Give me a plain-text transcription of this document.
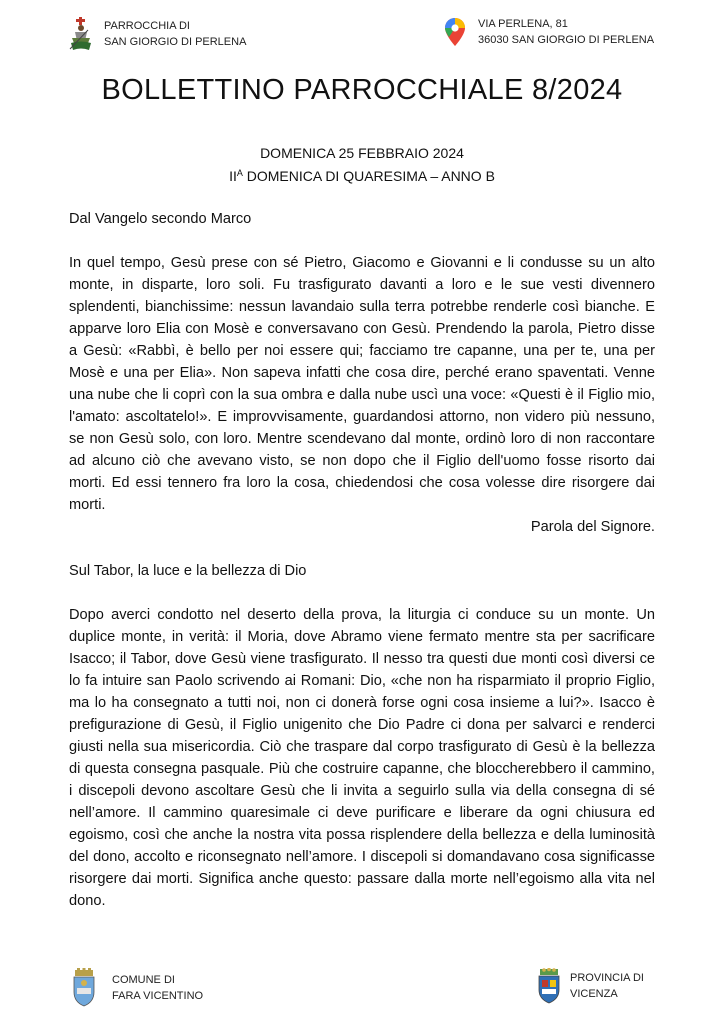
PARROCCHIA DI
SAN GIORGIO DI PERLENA
VIA PERLENA, 81
36030 SAN GIORGIO DI PERLENA
BOLLETTINO PARROCCHIALE 8/2024
DOMENICA 25 FEBBRAIO 2024
$II^A$ DOMENICA DI QUARESIMA – ANNO B

Dal Vangelo secondo Marco

In quel tempo, Gesù prese con sé Pietro, Giacomo e Giovanni e li condusse su un alto monte, in disparte, loro soli. Fu trasfigurato davanti a loro e le sue vesti divennero splendenti, bianchissime: nessun lavandaio sulla terra potrebbe renderle così bianche. E apparve loro Elia con Mosè e conversavano con Gesù. Prendendo la parola, Pietro disse a Gesù: «Rabbì, è bello per noi essere qui; facciamo tre capanne, una per te, una per Mosè e una per Elia». Non sapeva infatti che cosa dire, perché erano spaventati. Venne una nube che li coprì con la sua ombra e dalla nube uscì una voce: «Questi è il Figlio mio, l'amato: ascoltatelo!». E improvvisamente, guardandosi attorno, non videro più nessuno, se non Gesù solo, con loro. Mentre scendevano dal monte, ordinò loro di non raccontare ad alcuno ciò che avevano visto, se non dopo che il Figlio dell'uomo fosse risorto dai morti. Ed essi tennero fra loro la cosa, chiedendosi che cosa volesse dire risorgere dai morti.

Parola del Signore.

Sul Tabor, la luce e la bellezza di Dio

Dopo averci condotto nel deserto della prova, la liturgia ci conduce su un monte. Un duplice monte, in verità: il Moria, dove Abramo viene fermato mentre sta per sacrificare Isacco; il Tabor, dove Gesù viene trasfigurato. Il nesso tra questi due monti così diversi ce lo fa intuire san Paolo scrivendo ai Romani: Dio, «che non ha risparmiato il proprio Figlio, ma lo ha consegnato a tutti noi, non ci donerà forse ogni cosa insieme a lui?». Isacco è prefigurazione di Gesù, il Figlio unigenito che Dio Padre ci dona per salvarci e renderci giusti nella sua misericordia. Ciò che traspare dal corpo trasfigurato di Gesù è la bellezza di questa consegna pasquale. Più che costruire capanne, che bloccherebbero il cammino, i discepoli devono ascoltare Gesù che li invita a seguirlo sulla via della consegna di sé nell’amore. Il cammino quaresimale ci deve purificare e liberare da ogni chiusura ed egoismo, così che anche la nostra vita possa risplendere della bellezza e della luminosità del dono, accolto e riconsegnato nell’amore. I discepoli si domandavano cosa significasse risorgere dai morti. Significa anche questo: passare dalla morte nell’egoismo alla vita nel dono.

COMUNE DI
FARA VICENTINO
PROVINCIA DI
VICENZA
